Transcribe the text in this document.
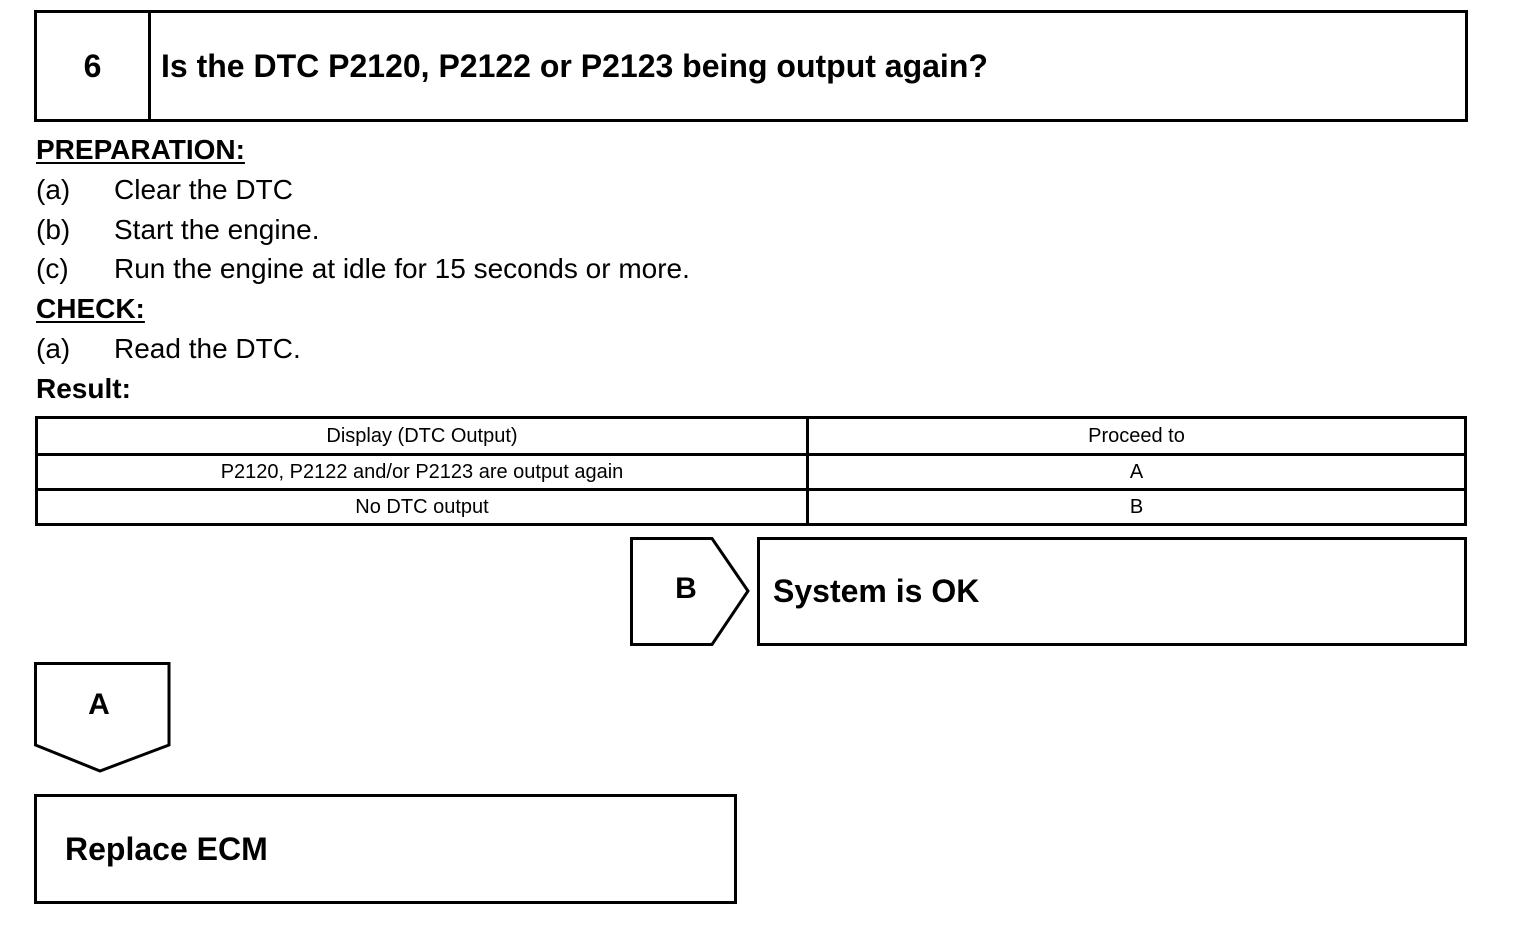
6	Is the DTC P2120, P2122 or P2123 being output again?
PREPARATION:
(a)	Clear the DTC
(b)	Start the engine.
(c)	Run the engine at idle for 15 seconds or more.
CHECK:
(a)	Read the DTC.
Result:
Display (DTC Output)	Proceed to
P2120, P2122 and/or P2123 are output again	A
No DTC output	B
B	System is OK
A
Replace ECM
